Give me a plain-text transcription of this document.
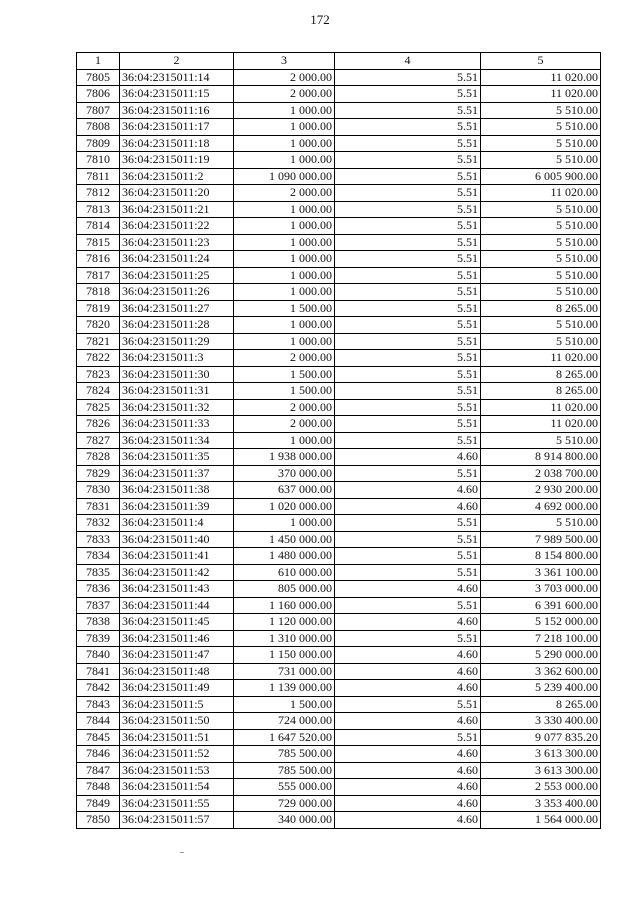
172
1	2	3	4	5
7805	36:04:2315011:14	2 000.00	5.51	11 020.00
7806	36:04:2315011:15	2 000.00	5.51	11 020.00
7807	36:04:2315011:16	1 000.00	5.51	5 510.00
7808	36:04:2315011:17	1 000.00	5.51	5 510.00
7809	36:04:2315011:18	1 000.00	5.51	5 510.00
7810	36:04:2315011:19	1 000.00	5.51	5 510.00
7811	36:04:2315011:2	1 090 000.00	5.51	6 005 900.00
7812	36:04:2315011:20	2 000.00	5.51	11 020.00
7813	36:04:2315011:21	1 000.00	5.51	5 510.00
7814	36:04:2315011:22	1 000.00	5.51	5 510.00
7815	36:04:2315011:23	1 000.00	5.51	5 510.00
7816	36:04:2315011:24	1 000.00	5.51	5 510.00
7817	36:04:2315011:25	1 000.00	5.51	5 510.00
7818	36:04:2315011:26	1 000.00	5.51	5 510.00
7819	36:04:2315011:27	1 500.00	5.51	8 265.00
7820	36:04:2315011:28	1 000.00	5.51	5 510.00
7821	36:04:2315011:29	1 000.00	5.51	5 510.00
7822	36:04:2315011:3	2 000.00	5.51	11 020.00
7823	36:04:2315011:30	1 500.00	5.51	8 265.00
7824	36:04:2315011:31	1 500.00	5.51	8 265.00
7825	36:04:2315011:32	2 000.00	5.51	11 020.00
7826	36:04:2315011:33	2 000.00	5.51	11 020.00
7827	36:04:2315011:34	1 000.00	5.51	5 510.00
7828	36:04:2315011:35	1 938 000.00	4.60	8 914 800.00
7829	36:04:2315011:37	370 000.00	5.51	2 038 700.00
7830	36:04:2315011:38	637 000.00	4.60	2 930 200.00
7831	36:04:2315011:39	1 020 000.00	4.60	4 692 000.00
7832	36:04:2315011:4	1 000.00	5.51	5 510.00
7833	36:04:2315011:40	1 450 000.00	5.51	7 989 500.00
7834	36:04:2315011:41	1 480 000.00	5.51	8 154 800.00
7835	36:04:2315011:42	610 000.00	5.51	3 361 100.00
7836	36:04:2315011:43	805 000.00	4.60	3 703 000.00
7837	36:04:2315011:44	1 160 000.00	5.51	6 391 600.00
7838	36:04:2315011:45	1 120 000.00	4.60	5 152 000.00
7839	36:04:2315011:46	1 310 000.00	5.51	7 218 100.00
7840	36:04:2315011:47	1 150 000.00	4.60	5 290 000.00
7841	36:04:2315011:48	731 000.00	4.60	3 362 600.00
7842	36:04:2315011:49	1 139 000.00	4.60	5 239 400.00
7843	36:04:2315011:5	1 500.00	5.51	8 265.00
7844	36:04:2315011:50	724 000.00	4.60	3 330 400.00
7845	36:04:2315011:51	1 647 520.00	5.51	9 077 835.20
7846	36:04:2315011:52	785 500.00	4.60	3 613 300.00
7847	36:04:2315011:53	785 500.00	4.60	3 613 300.00
7848	36:04:2315011:54	555 000.00	4.60	2 553 000.00
7849	36:04:2315011:55	729 000.00	4.60	3 353 400.00
7850	36:04:2315011:57	340 000.00	4.60	1 564 000.00
